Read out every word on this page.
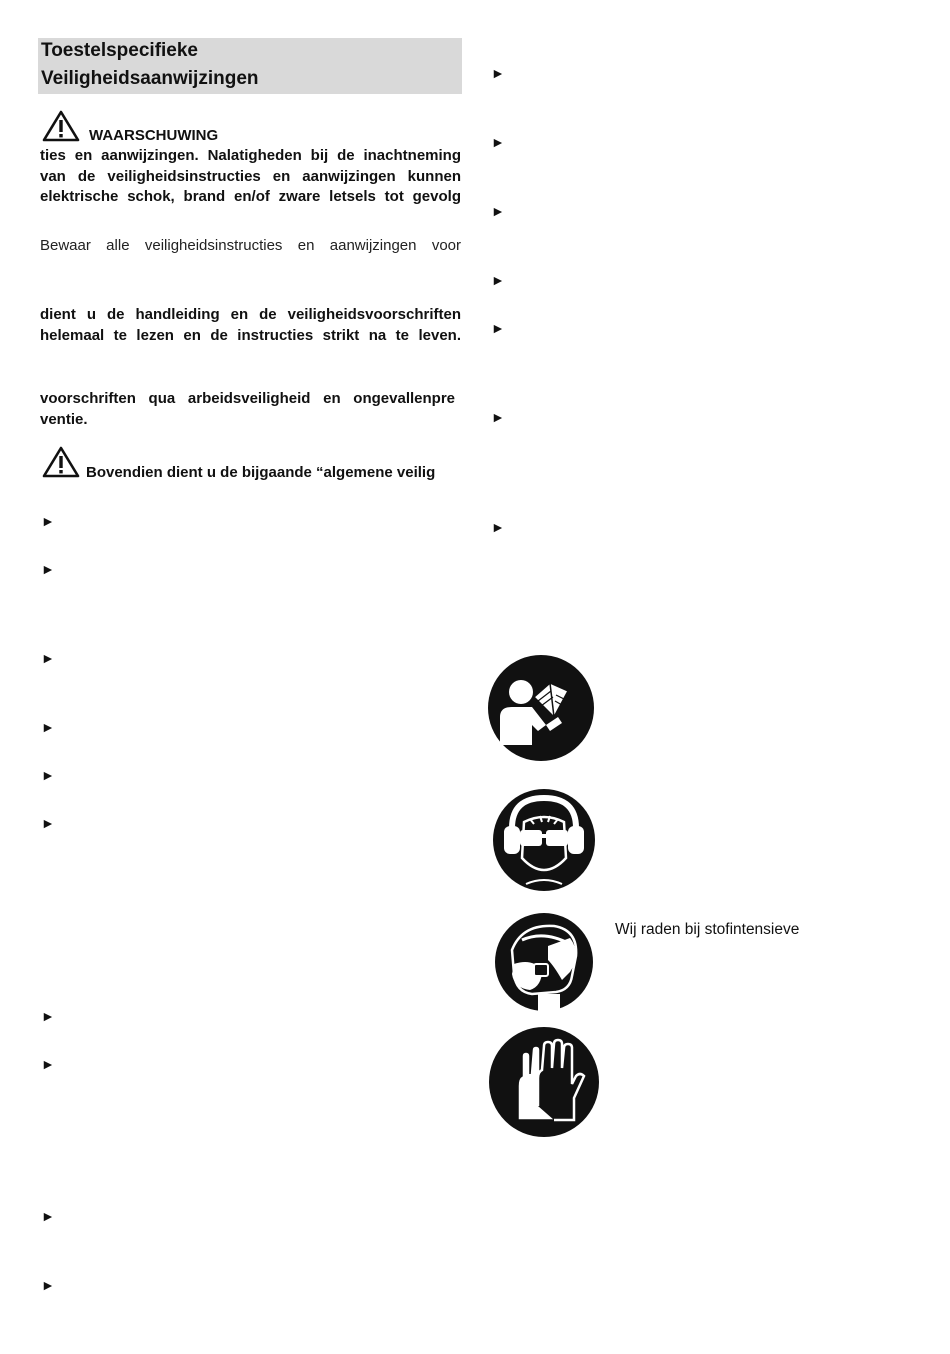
Toestelspecifieke
Veiligheidsaanwijzingen
WAARSCHUWING
ties en aanwijzingen. Nalatigheden bij de inachtneming
van de veiligheidsinstructies en aanwijzingen kunnen
elektrische schok, brand en/of zware letsels tot gevolg
Bewaar alle veiligheidsinstructies en aanwijzingen voor
dient u de handleiding en de veiligheidsvoorschriften
helemaal te lezen en de instructies strikt na te leven.
voorschriften qua arbeidsveiligheid en ongevallenpre
ventie.
Bovendien dient u de bijgaande “algemene veilig
►
►
►
►
►
►
►
►
►
►
►
►
►
►
►
►
►
Wij raden bij stofintensieve
